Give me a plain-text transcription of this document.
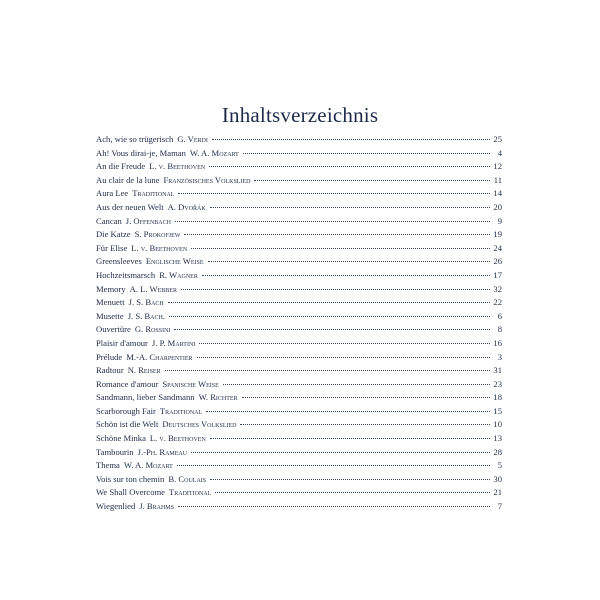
Inhaltsverzeichnis
Ach, wie so trügerisch G. Verdi	25
Ah! Vous dirai-je, Maman W. A. Mozart	4
An die Freude L. v. Beethoven	12
Au clair de la lune Französisches Volkslied	11
Aura Lee Traditional	14
Aus der neuen Welt A. Dvořák	20
Cancan J. Offenbach	9
Die Katze S. Prokofjew	19
Für Elise L. v. Beethoven	24
Greensleeves Englische Weise	26
Hochzeitsmarsch R. Wagner	17
Memory A. L. Webber	32
Menuett J. S. Bach	22
Musette J. S. Bach.	6
Ouvertüre G. Rossini	8
Plaisir d'amour J. P. Martini	16
Prélude M.-A. Charpentier	3
Radtour N. Reiser	31
Romance d'amour Spanische Weise	23
Sandmann, lieber Sandmann W. Richter	18
Scarborough Fair Traditional	15
Schön ist die Welt Deutsches Volkslied	10
Schöne Minka L. v. Beethoven	13
Tambourin J.-Ph. Rameau	28
Thema W. A. Mozart	5
Vois sur ton chemin B. Coulais	30
We Shall Overcome Traditional	21
Wiegenlied J. Brahms	7
